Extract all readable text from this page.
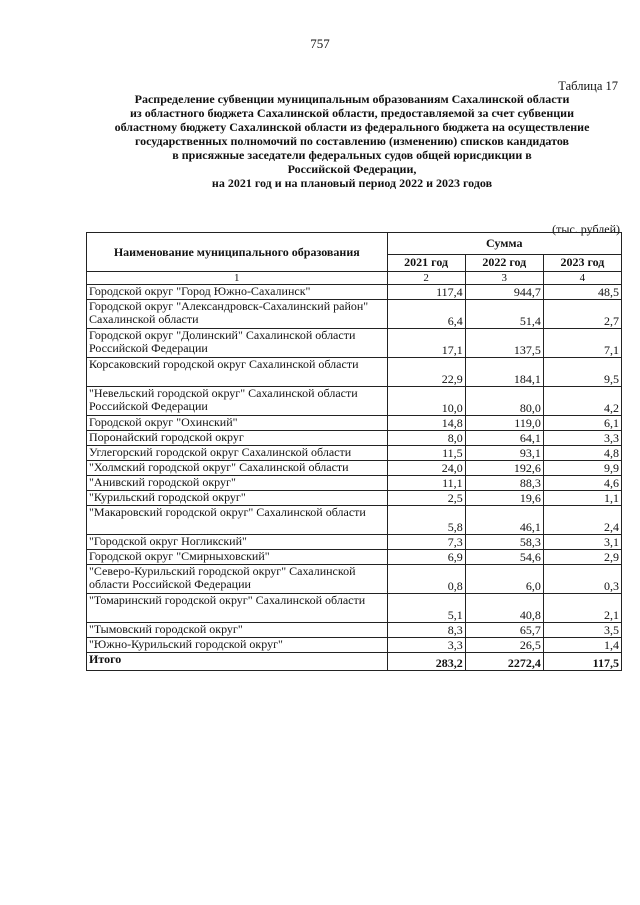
757
Таблица 17
Распределение субвенции муниципальным образованиям Сахалинской области
из областного бюджета Сахалинской области, предоставляемой за счет субвенции
областному бюджету Сахалинской области из федерального бюджета на осуществление
государственных полномочий по составлению (изменению) списков кандидатов
в присяжные заседатели федеральных судов общей юрисдикции в
Российской Федерации,
на 2021 год и на плановый период 2022 и 2023 годов
(тыс. рублей)
Наименование муниципального образования	Сумма		
	2021 год	2022 год	2023 год
1	2	3	4
Городской округ "Город Южно-Сахалинск"	117,4	944,7	48,5
Городской округ "Александровск-Сахалинский район" Сахалинской области	6,4	51,4	2,7
Городской округ "Долинский" Сахалинской области Российской Федерации	17,1	137,5	7,1
Корсаковский городской округ Сахалинской области	22,9	184,1	9,5
"Невельский городской округ" Сахалинской области Российской Федерации	10,0	80,0	4,2
Городской округ "Охинский"	14,8	119,0	6,1
Поронайский городской округ	8,0	64,1	3,3
Углегорский городской округ Сахалинской области	11,5	93,1	4,8
"Холмский городской округ" Сахалинской области	24,0	192,6	9,9
"Анивский городской округ"	11,1	88,3	4,6
"Курильский городской округ"	2,5	19,6	1,1
"Макаровский городской округ" Сахалинской области	5,8	46,1	2,4
"Городской округ Ногликский"	7,3	58,3	3,1
Городской округ "Смирныховский"	6,9	54,6	2,9
"Северо-Курильский городской округ" Сахалинской области Российской Федерации	0,8	6,0	0,3
"Томаринский городской округ" Сахалинской области	5,1	40,8	2,1
"Тымовский городской округ"	8,3	65,7	3,5
"Южно-Курильский городской округ"	3,3	26,5	1,4
Итого	283,2	2272,4	117,5
